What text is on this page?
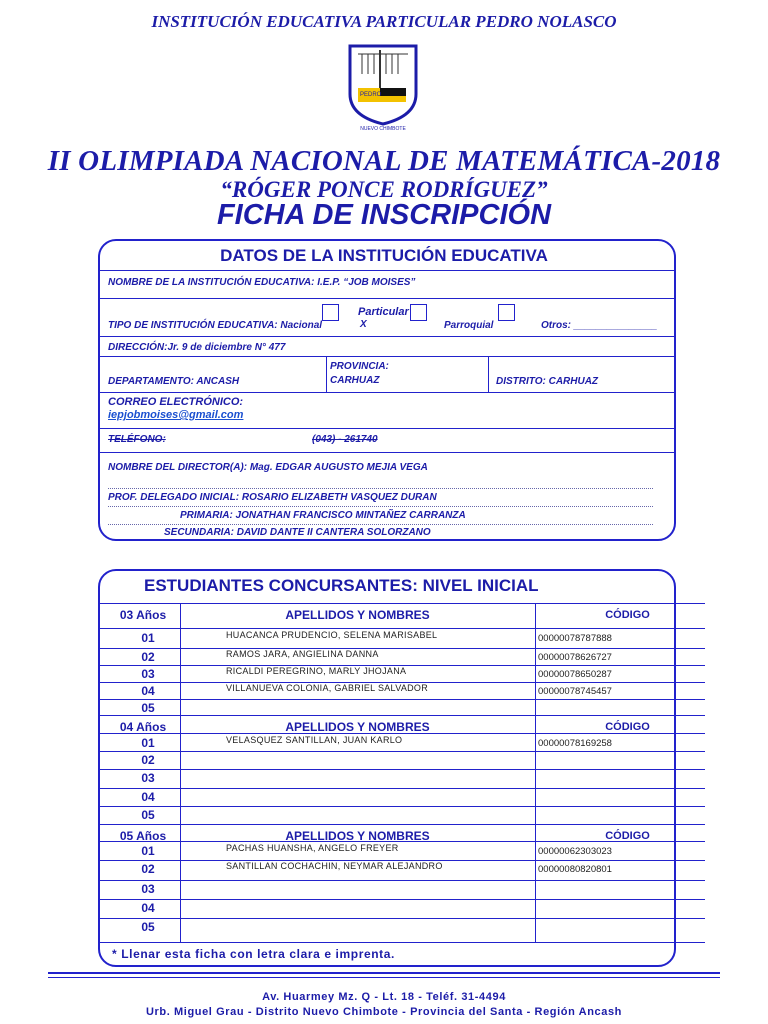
INSTITUCIÓN EDUCATIVA PARTICULAR PEDRO NOLASCO
PEDRO
NUEVO CHIMBOTE
II OLIMPIADA NACIONAL DE MATEMÁTICA-2018
“RÓGER PONCE RODRÍGUEZ”
FICHA DE INSCRIPCIÓN
DATOS DE LA INSTITUCIÓN EDUCATIVA
NOMBRE DE LA INSTITUCIÓN EDUCATIVA: I.E.P. “JOB MOISES”
TIPO DE INSTITUCIÓN EDUCATIVA: Nacional
Particular
X	Parroquial	Otros: _______________
DIRECCIÓN:Jr. 9 de diciembre N° 477
DEPARTAMENTO: ANCASH
PROVINCIA:
CARHUAZ	DISTRITO: CARHUAZ
CORREO ELECTRÓNICO:
iepjobmoises@gmail.com
TELÉFONO:	(043) - 261740
NOMBRE DEL DIRECTOR(A): Mag. EDGAR AUGUSTO MEJIA VEGA
PROF. DELEGADO INICIAL: ROSARIO ELIZABETH VASQUEZ DURAN
PRIMARIA: JONATHAN FRANCISCO MINTAÑEZ CARRANZA
SECUNDARIA: DAVID DANTE II CANTERA SOLORZANO
ESTUDIANTES CONCURSANTES: NIVEL INICIAL
03 Años	APELLIDOS Y NOMBRES	CÓDIGO
01	HUACANCA PRUDENCIO, SELENA MARISABEL	00000078787888
02	RAMOS JARA, ANGIELINA DANNA	00000078626727
03	RICALDI PEREGRINO, MARLY JHOJANA	00000078650287
04	VILLANUEVA COLONIA, GABRIEL SALVADOR	00000078745457
05
04 Años	APELLIDOS Y NOMBRES	CÓDIGO
01	VELASQUEZ SANTILLAN, JUAN KARLO	00000078169258
02
03
04
05
05 Años	APELLIDOS Y NOMBRES	CÓDIGO
01	PACHAS HUANSHA, ANGELO FREYER	00000062303023
02	SANTILLAN COCHACHIN, NEYMAR ALEJANDRO	00000080820801
03
04
05
* Llenar esta ficha con letra clara e imprenta.
Av. Huarmey Mz. Q - Lt. 18 - Teléf. 31-4494
Urb. Miguel Grau - Distrito Nuevo Chimbote - Provincia del Santa - Región Ancash
